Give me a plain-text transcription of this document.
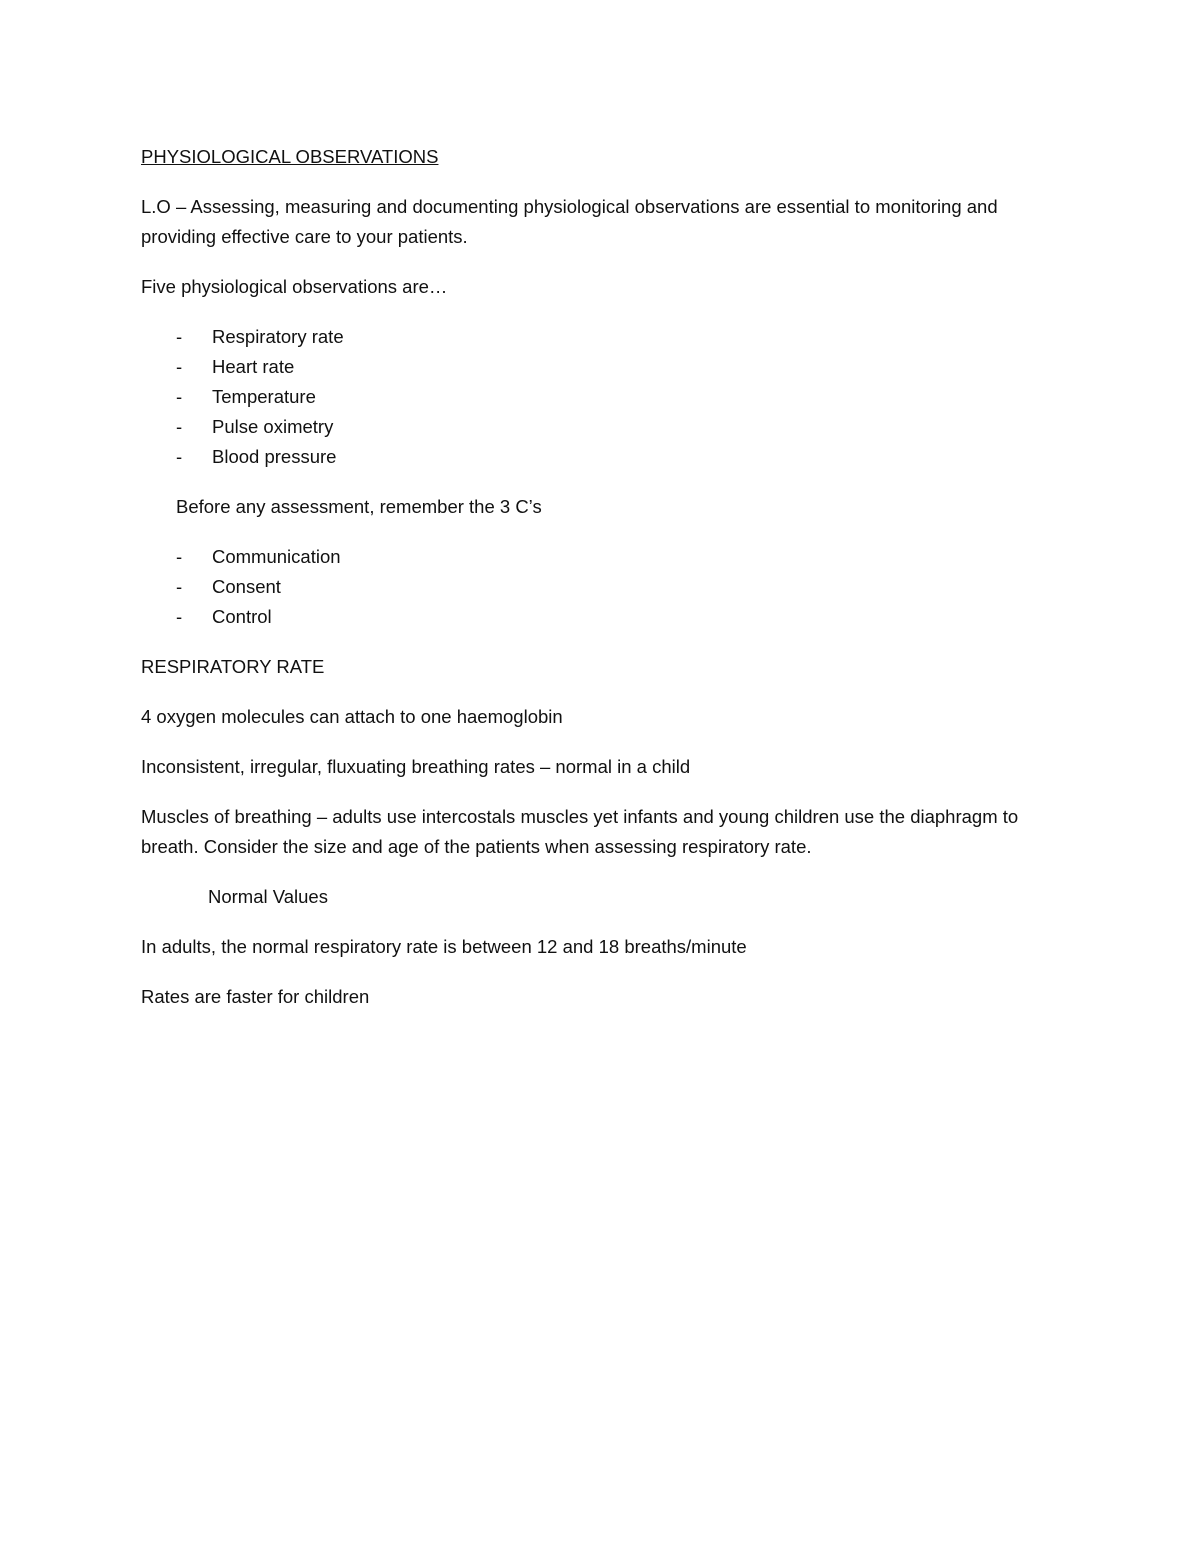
PHYSIOLOGICAL OBSERVATIONS

L.O – Assessing, measuring and documenting physiological observations are essential to monitoring and providing effective care to your patients.

Five physiological observations are…

- Respiratory rate
- Heart rate
- Temperature
- Pulse oximetry
- Blood pressure

Before any assessment, remember the 3 C’s

- Communication
- Consent
- Control

RESPIRATORY RATE

4 oxygen molecules can attach to one haemoglobin

Inconsistent, irregular, fluxuating breathing rates – normal in a child

Muscles of breathing – adults use intercostals muscles yet infants and young children use the diaphragm to breath. Consider the size and age of the patients when assessing respiratory rate.

Normal Values

In adults, the normal respiratory rate is between 12 and 18 breaths/minute

Rates are faster for children
